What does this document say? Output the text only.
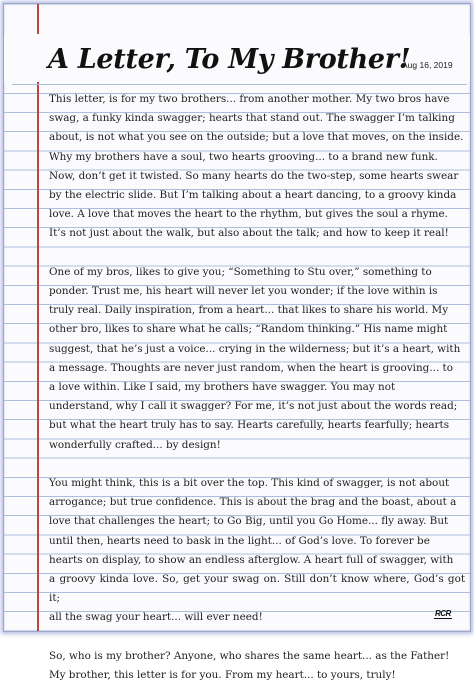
A Letter, To My Brother!
Aug 16, 2019

This letter, is for my two brothers... from another mother. My two bros have

swag, a funky kinda swagger; hearts that stand out. The swagger I’m talking

about, is not what you see on the outside; but a love that moves, on the inside.

Why my brothers have a soul, two hearts grooving... to a brand new funk.

Now, don’t get it twisted. So many hearts do the two-step, some hearts swear

by the electric slide. But I’m talking about a heart dancing, to a groovy kinda

love. A love that moves the heart to the rhythm, but gives the soul a rhyme.

It’s not just about the walk, but also about the talk; and how to keep it real!

One of my bros, likes to give you; “Something to Stu over,” something to

ponder. Trust me, his heart will never let you wonder; if the love within is

truly real. Daily inspiration, from a heart... that likes to share his world. My

other bro, likes to share what he calls; “Random thinking.” His name might

suggest, that he’s just a voice... crying in the wilderness; but it’s a heart, with

a message. Thoughts are never just random, when the heart is grooving... to

a love within. Like I said, my brothers have swagger. You may not

understand, why I call it swagger? For me, it’s not just about the words read;

but what the heart truly has to say. Hearts carefully, hearts fearfully; hearts

wonderfully crafted... by design!

You might think, this is a bit over the top. This kind of swagger, is not about

arrogance; but true confidence. This is about the brag and the boast, about a

love that challenges the heart; to Go Big, until you Go Home... fly away. But

until then, hearts need to bask in the light... of God’s love. To forever be

hearts on display, to show an endless afterglow. A heart full of swagger, with

a groovy kinda love. So, get your swag on. Still don’t know where, God’s got it;

all the swag your heart... will ever need!

So, who is my brother? Anyone, who shares the same heart... as the Father!

My brother, this letter is for you. From my heart... to yours, truly!

RCR
